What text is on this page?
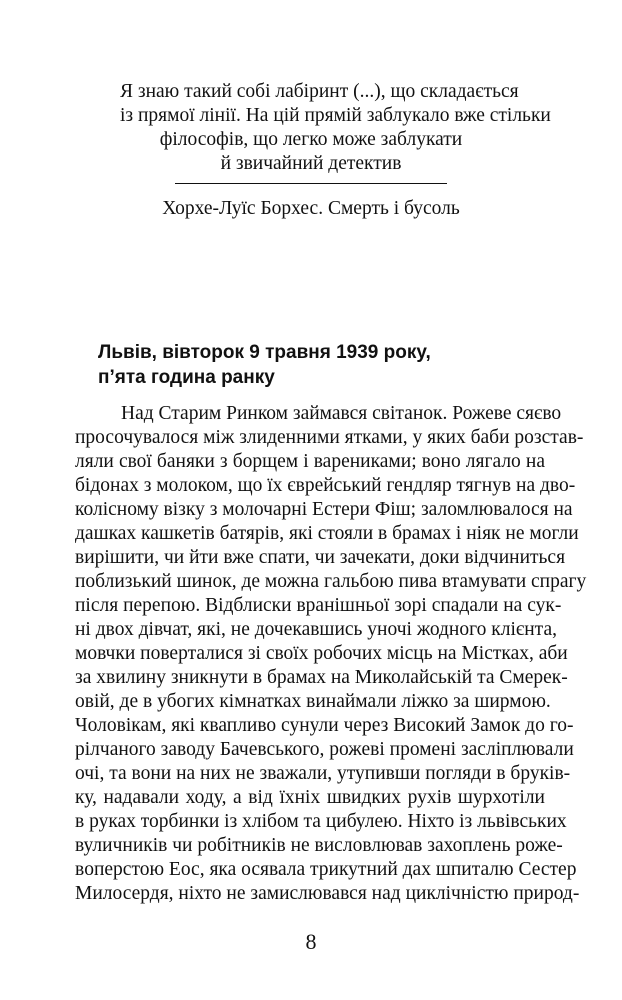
Я знаю такий собі лабіринт (...), що складається
із прямої лінії. На цій прямій заблукало вже стільки
філософів, що легко може заблукати
й звичайний детектив
Хорхе-Луїс Борхес. Смерть і бусоль
Львів, вівторок 9 травня 1939 року,
п’ята година ранку
Над Старим Ринком займався світанок. Рожеве сяєво
просочувалося між злиденними ятками, у яких баби розстав-
ляли свої баняки з борщем і варениками; воно лягало на
бідонах з молоком, що їх єврейський гендляр тягнув на дво-
колісному візку з молочарні Естери Фіш; заломлювалося на
дашках кашкетів батярів, які стояли в брамах і ніяк не могли
вирішити, чи йти вже спати, чи зачекати, доки відчиниться
поблизький шинок, де можна гальбою пива втамувати спрагу
після перепою. Відблиски вранішньої зорі спадали на сук-
ні двох дівчат, які, не дочекавшись уночі жодного клієнта,
мовчки поверталися зі своїх робочих місць на Містках, аби
за хвилину зникнути в брамах на Миколайській та Смерек-
овій, де в убогих кімнатках винаймали ліжко за ширмою.
Чоловікам, які квапливо сунули через Високий Замок до го-
рілчаного заводу Бачевського, рожеві промені засліплювали
очі, та вони на них не зважали, утупивши погляди в бруків-
ку, надавали ходу, а від їхніх швидких рухів шурхотіли
в руках торбинки із хлібом та цибулею. Ніхто із львівських
вуличників чи робітників не висловлював захоплень роже-
вoперстою Еос, яка осявала трикутний дах шпиталю Сестер
Милосердя, ніхто не замислювався над циклічністю природ-
8
